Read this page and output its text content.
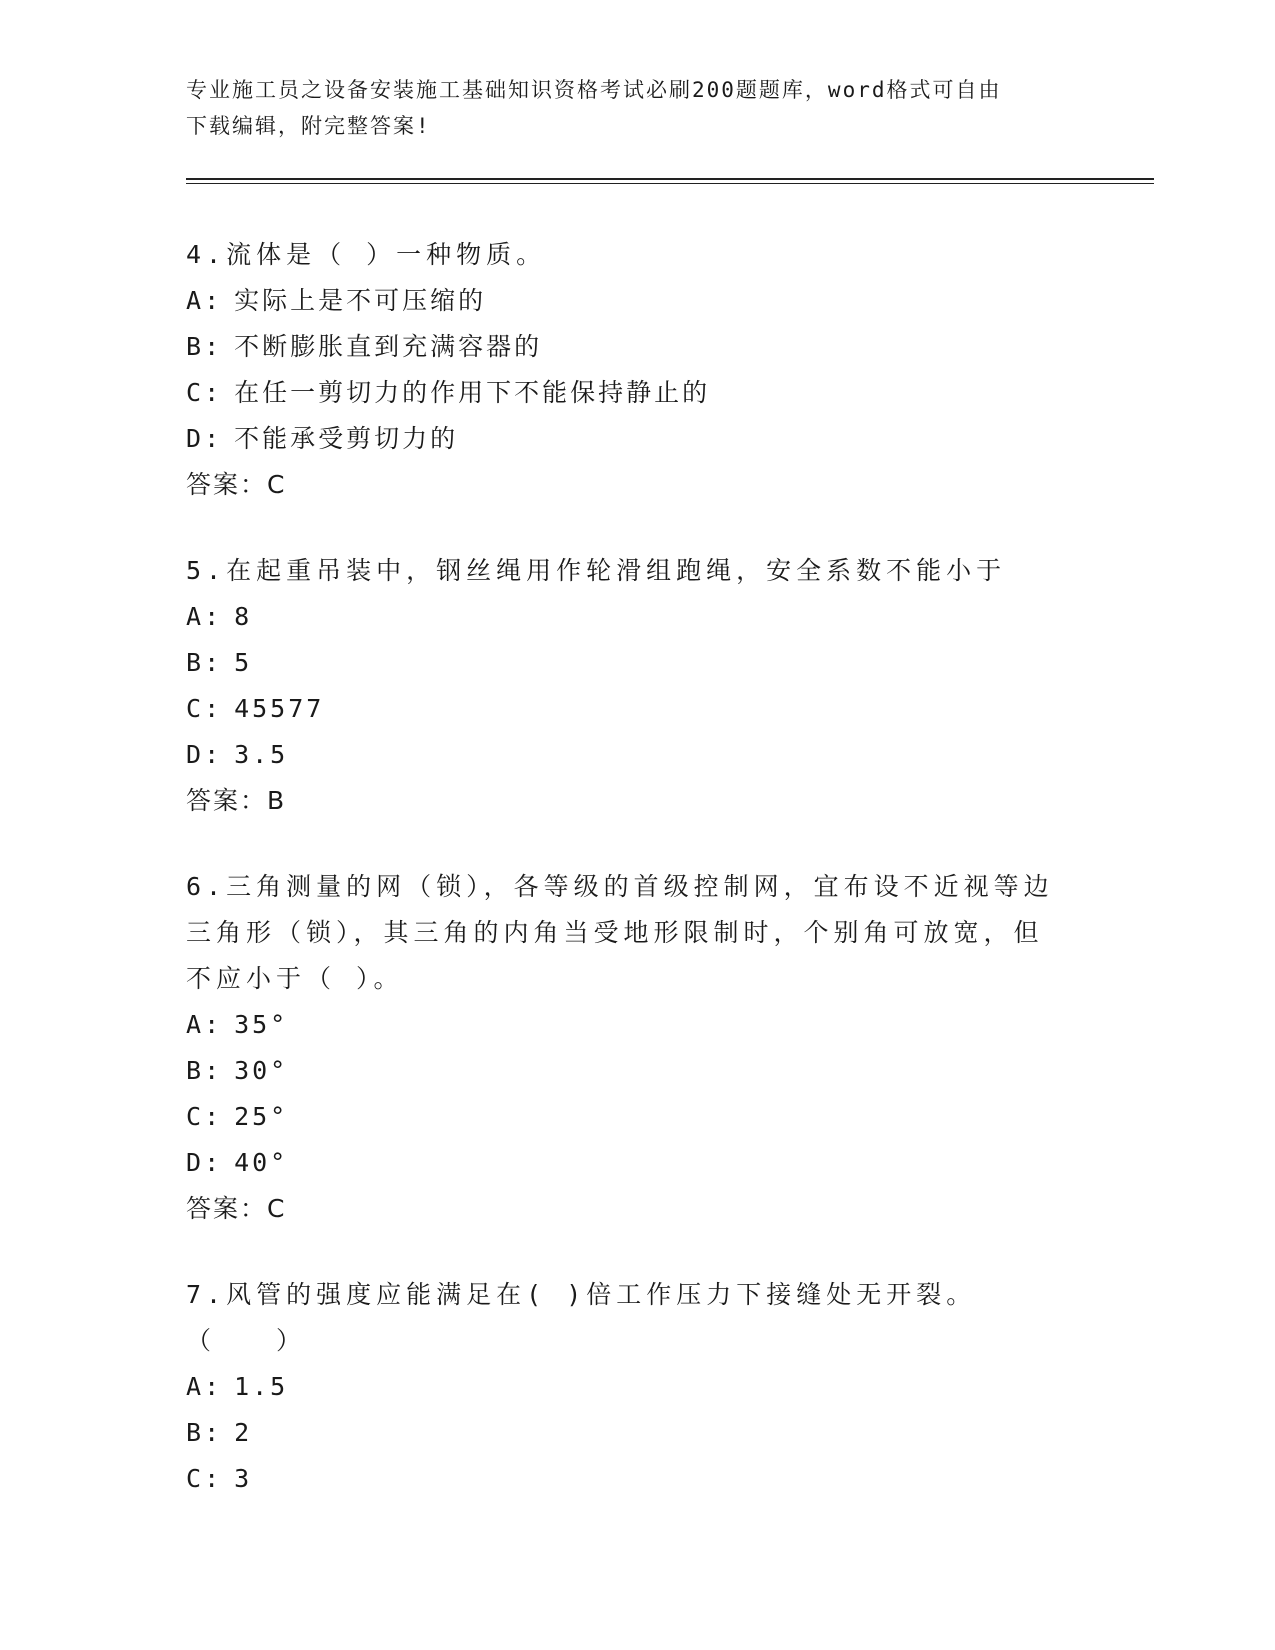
专业施工员之设备安装施工基础知识资格考试必刷200题题库，word格式可自由
下载编辑，附完整答案!

4.流体是（ ）一种物质。

A: 实际上是不可压缩的
B: 不断膨胀直到充满容器的
C: 在任一剪切力的作用下不能保持静止的
D: 不能承受剪切力的
答案：C

5.在起重吊装中，钢丝绳用作轮滑组跑绳，安全系数不能小于

A: 8
B: 5
C: 45577
D: 3.5
答案：B

6.三角测量的网（锁），各等级的首级控制网，宜布设不近视等边三角形（锁），其三角的内角当受地形限制时，个别角可放宽，但不应小于（ ）。

A: 35°
B: 30°
C: 25°
D: 40°
答案：C

7.风管的强度应能满足在( )倍工作压力下接缝处无开裂。（　　）

A: 1.5
B: 2
C: 3
